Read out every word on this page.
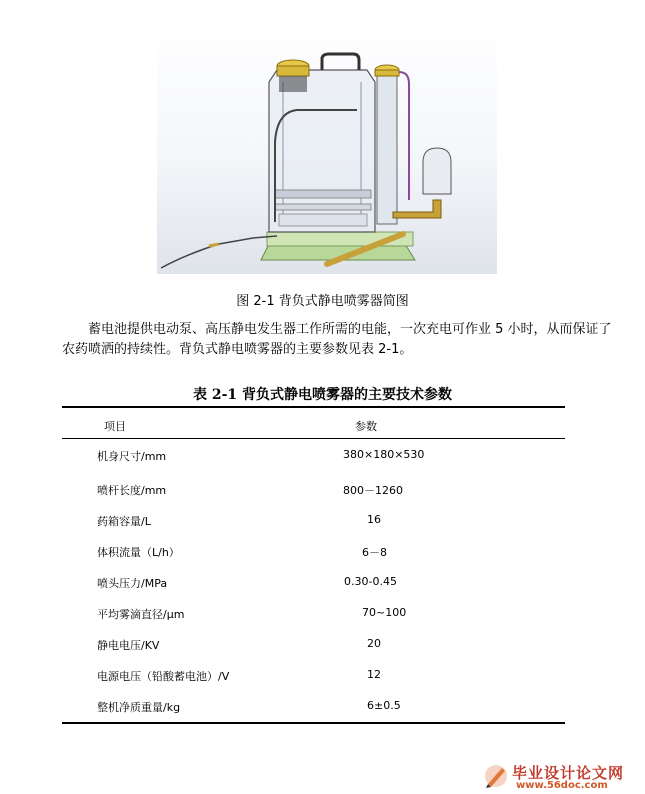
图 2-1 背负式静电喷雾器简图
蓄电池提供电动泵、高压静电发生器工作所需的电能，一次充电可作业 5 小时，从而保证了农药喷洒的持续性。背负式静电喷雾器的主要参数见表 2-1。
表 2-1 背负式静电喷雾器的主要技术参数
项目	参数
机身尺寸/mm	380×180×530
喷杆长度/mm	800－1260
药箱容量/L	16
体积流量（L/h）	6－8
喷头压力/MPa	0.30-0.45
平均雾滴直径/μm	70~100
静电电压/KV	20
电源电压（铅酸蓄电池）/V	12
整机净质重量/kg	6±0.5
毕业设计论文网
www.56doc.com
